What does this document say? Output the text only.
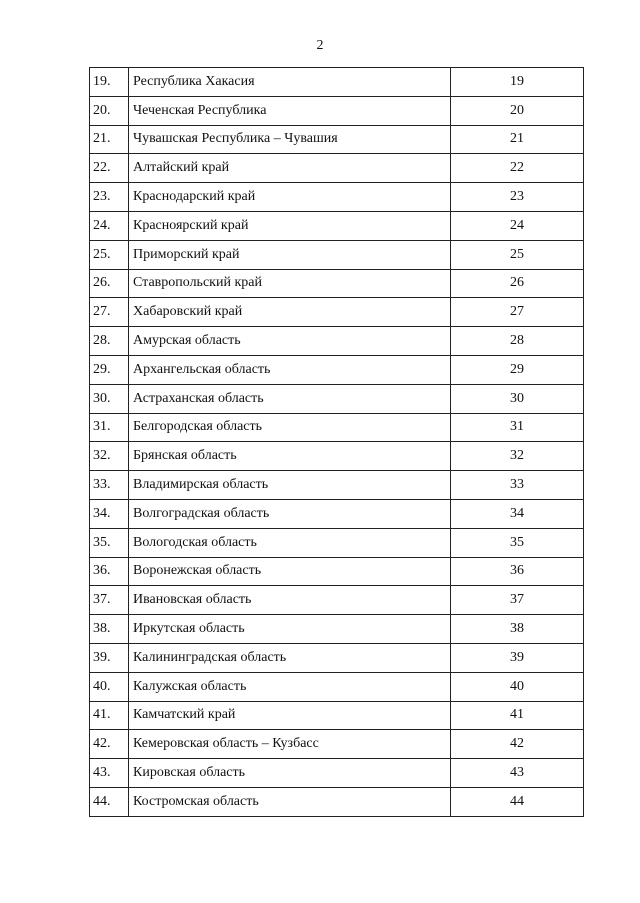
2
19.	Республика Хакасия	19
20.	Чеченская Республика	20
21.	Чувашская Республика – Чувашия	21
22.	Алтайский край	22
23.	Краснодарский край	23
24.	Красноярский край	24
25.	Приморский край	25
26.	Ставропольский край	26
27.	Хабаровский край	27
28.	Амурская область	28
29.	Архангельская область	29
30.	Астраханская область	30
31.	Белгородская область	31
32.	Брянская область	32
33.	Владимирская область	33
34.	Волгоградская область	34
35.	Вологодская область	35
36.	Воронежская область	36
37.	Ивановская область	37
38.	Иркутская область	38
39.	Калининградская область	39
40.	Калужская область	40
41.	Камчатский край	41
42.	Кемеровская область – Кузбасс	42
43.	Кировская область	43
44.	Костромская область	44
